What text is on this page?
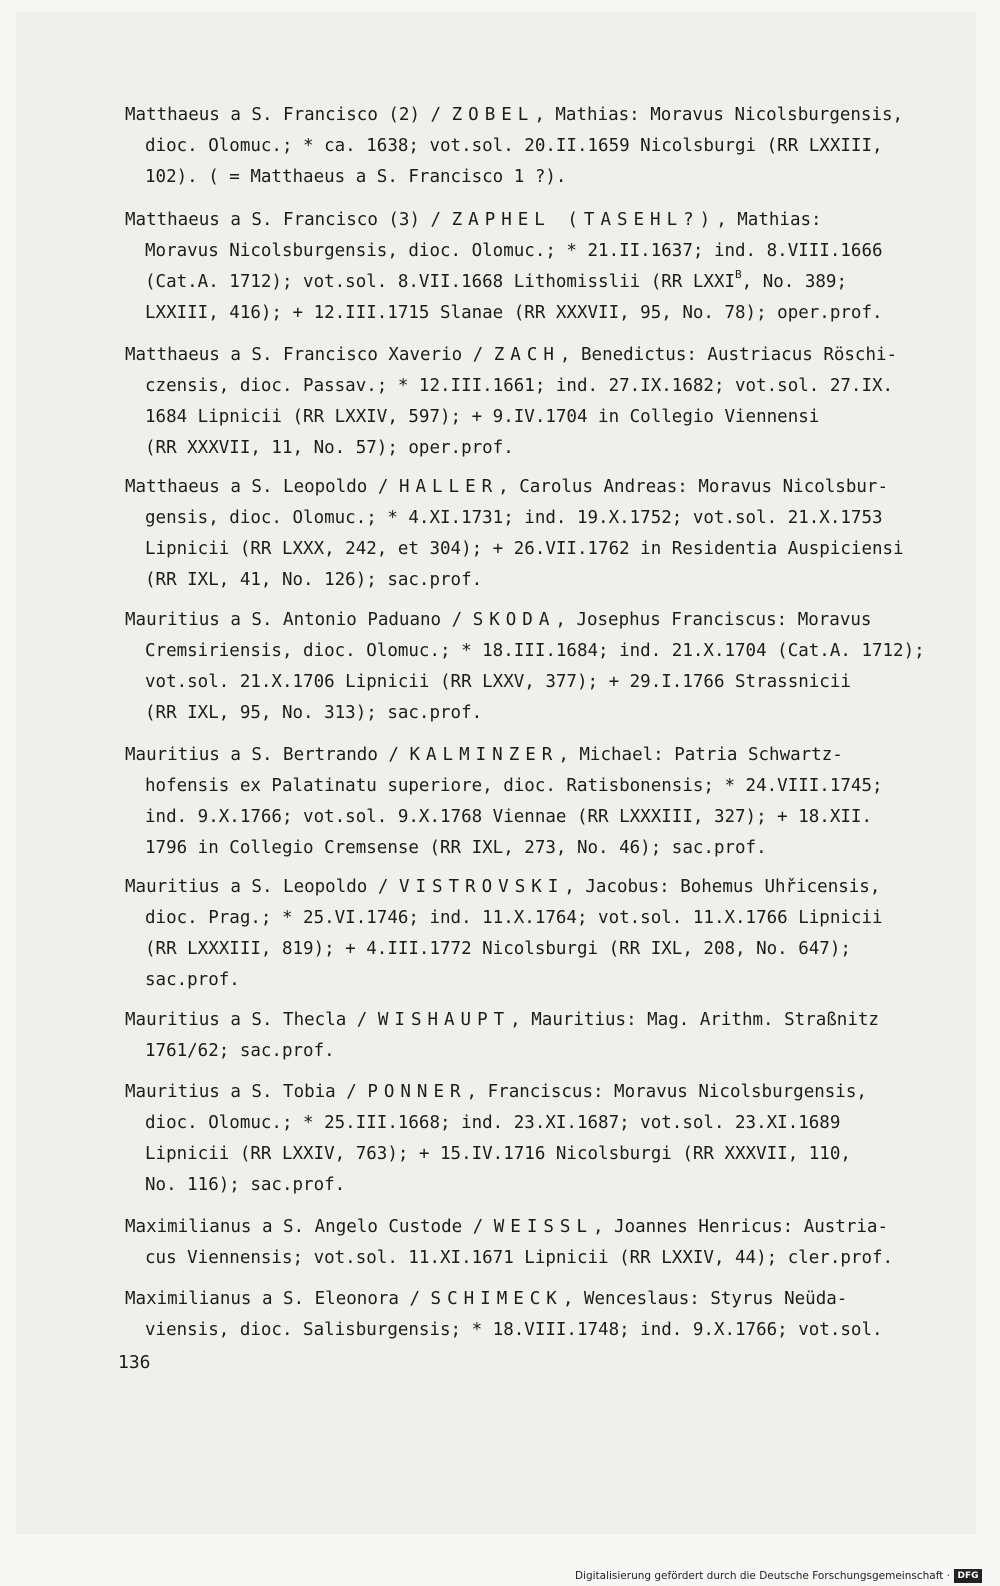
Matthaeus a S. Francisco (2) / ZOBEL, Mathias: Moravus Nicolsburgensis,
dioc. Olomuc.; * ca. 1638; vot.sol. 20.II.1659 Nicolsburgi (RR LXXIII,
102). ( = Matthaeus a S. Francisco 1 ?).
Matthaeus a S. Francisco (3) / ZAPHEL (TASEHL?), Mathias:
Moravus Nicolsburgensis, dioc. Olomuc.; * 21.II.1637; ind. 8.VIII.1666
(Cat.A. 1712); vot.sol. 8.VII.1668 Lithomisslii (RR $LXXI^B$, No. 389;
LXXIII, 416); + 12.III.1715 Slanae (RR XXXVII, 95, No. 78); oper.prof.
Matthaeus a S. Francisco Xaverio / ZACH, Benedictus: Austriacus Röschi-
czensis, dioc. Passav.; * 12.III.1661; ind. 27.IX.1682; vot.sol. 27.IX.
1684 Lipnicii (RR LXXIV, 597); + 9.IV.1704 in Collegio Viennensi
(RR XXXVII, 11, No. 57); oper.prof.
Matthaeus a S. Leopoldo / HALLER, Carolus Andreas: Moravus Nicolsbur-
gensis, dioc. Olomuc.; * 4.XI.1731; ind. 19.X.1752; vot.sol. 21.X.1753
Lipnicii (RR LXXX, 242, et 304); + 26.VII.1762 in Residentia Auspiciensi
(RR IXL, 41, No. 126); sac.prof.
Mauritius a S. Antonio Paduano / SKODA, Josephus Franciscus: Moravus
Cremsiriensis, dioc. Olomuc.; * 18.III.1684; ind. 21.X.1704 (Cat.A. 1712);
vot.sol. 21.X.1706 Lipnicii (RR LXXV, 377); + 29.I.1766 Strassnicii
(RR IXL, 95, No. 313); sac.prof.
Mauritius a S. Bertrando / KALMINZER, Michael: Patria Schwartz-
hofensis ex Palatinatu superiore, dioc. Ratisbonensis; * 24.VIII.1745;
ind. 9.X.1766; vot.sol. 9.X.1768 Viennae (RR LXXXIII, 327); + 18.XII.
1796 in Collegio Cremsense (RR IXL, 273, No. 46); sac.prof.
Mauritius a S. Leopoldo / VISTROVSKI, Jacobus: Bohemus Uhřicensis,
dioc. Prag.; * 25.VI.1746; ind. 11.X.1764; vot.sol. 11.X.1766 Lipnicii
(RR LXXXIII, 819); + 4.III.1772 Nicolsburgi (RR IXL, 208, No. 647);
sac.prof.
Mauritius a S. Thecla / WISHAUPT, Mauritius: Mag. Arithm. Straßnitz
1761/62; sac.prof.
Mauritius a S. Tobia / PONNER, Franciscus: Moravus Nicolsburgensis,
dioc. Olomuc.; * 25.III.1668; ind. 23.XI.1687; vot.sol. 23.XI.1689
Lipnicii (RR LXXIV, 763); + 15.IV.1716 Nicolsburgi (RR XXXVII, 110,
No. 116); sac.prof.
Maximilianus a S. Angelo Custode / WEISSL, Joannes Henricus: Austria-
cus Viennensis; vot.sol. 11.XI.1671 Lipnicii (RR LXXIV, 44); cler.prof.
Maximilianus a S. Eleonora / SCHIMECK, Wenceslaus: Styrus Neüda-
viensis, dioc. Salisburgensis; * 18.VIII.1748; ind. 9.X.1766; vot.sol.
136
Digitalisierung gefördert durch die Deutsche Forschungsgemeinschaft · DFG
